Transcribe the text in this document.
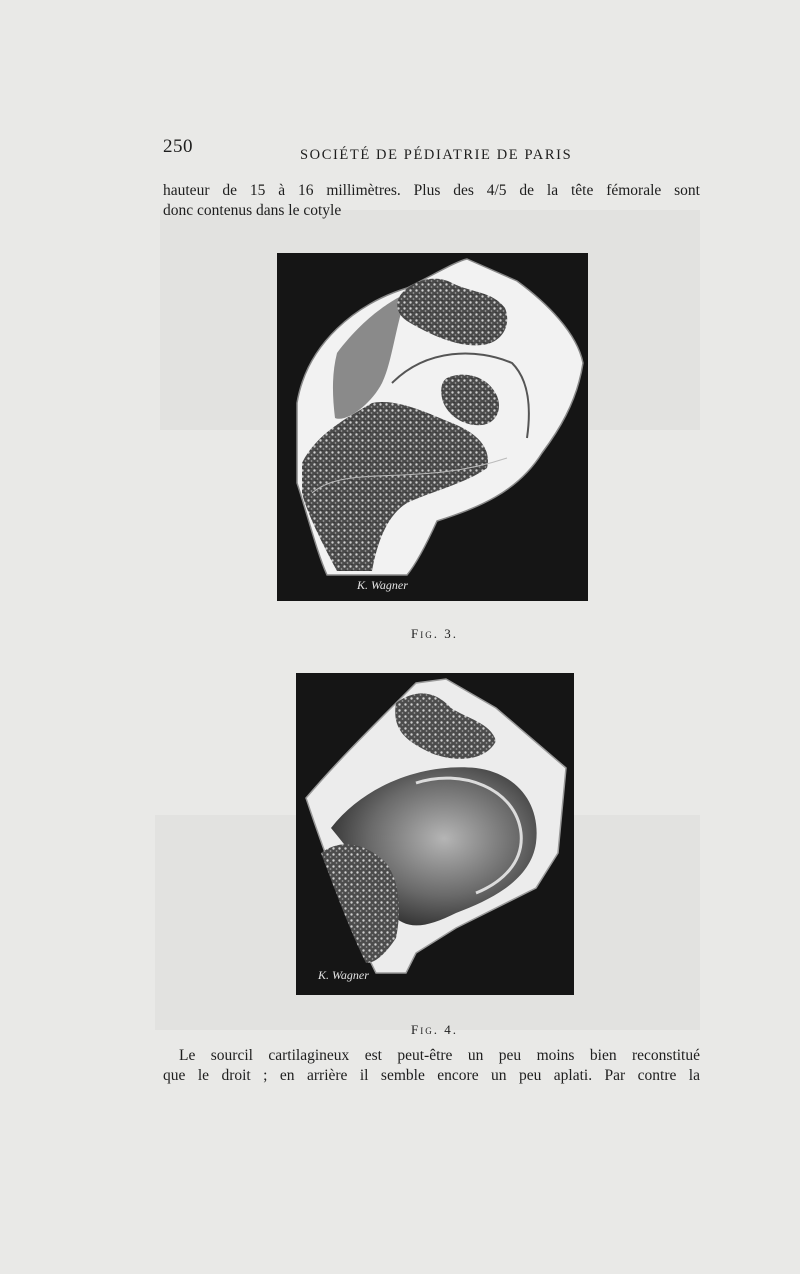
250	SOCIÉTÉ DE PÉDIATRIE DE PARIS
hauteur de 15 à 16 millimètres. Plus des 4/5 de la tête fémorale sont
donc contenus dans le cotyle
K. Wagner
Fig. 3.
K. Wagner
Fig. 4.
Le sourcil cartilagineux est peut-être un peu moins bien reconstitué
que le droit ; en arrière il semble encore un peu aplati. Par contre la
